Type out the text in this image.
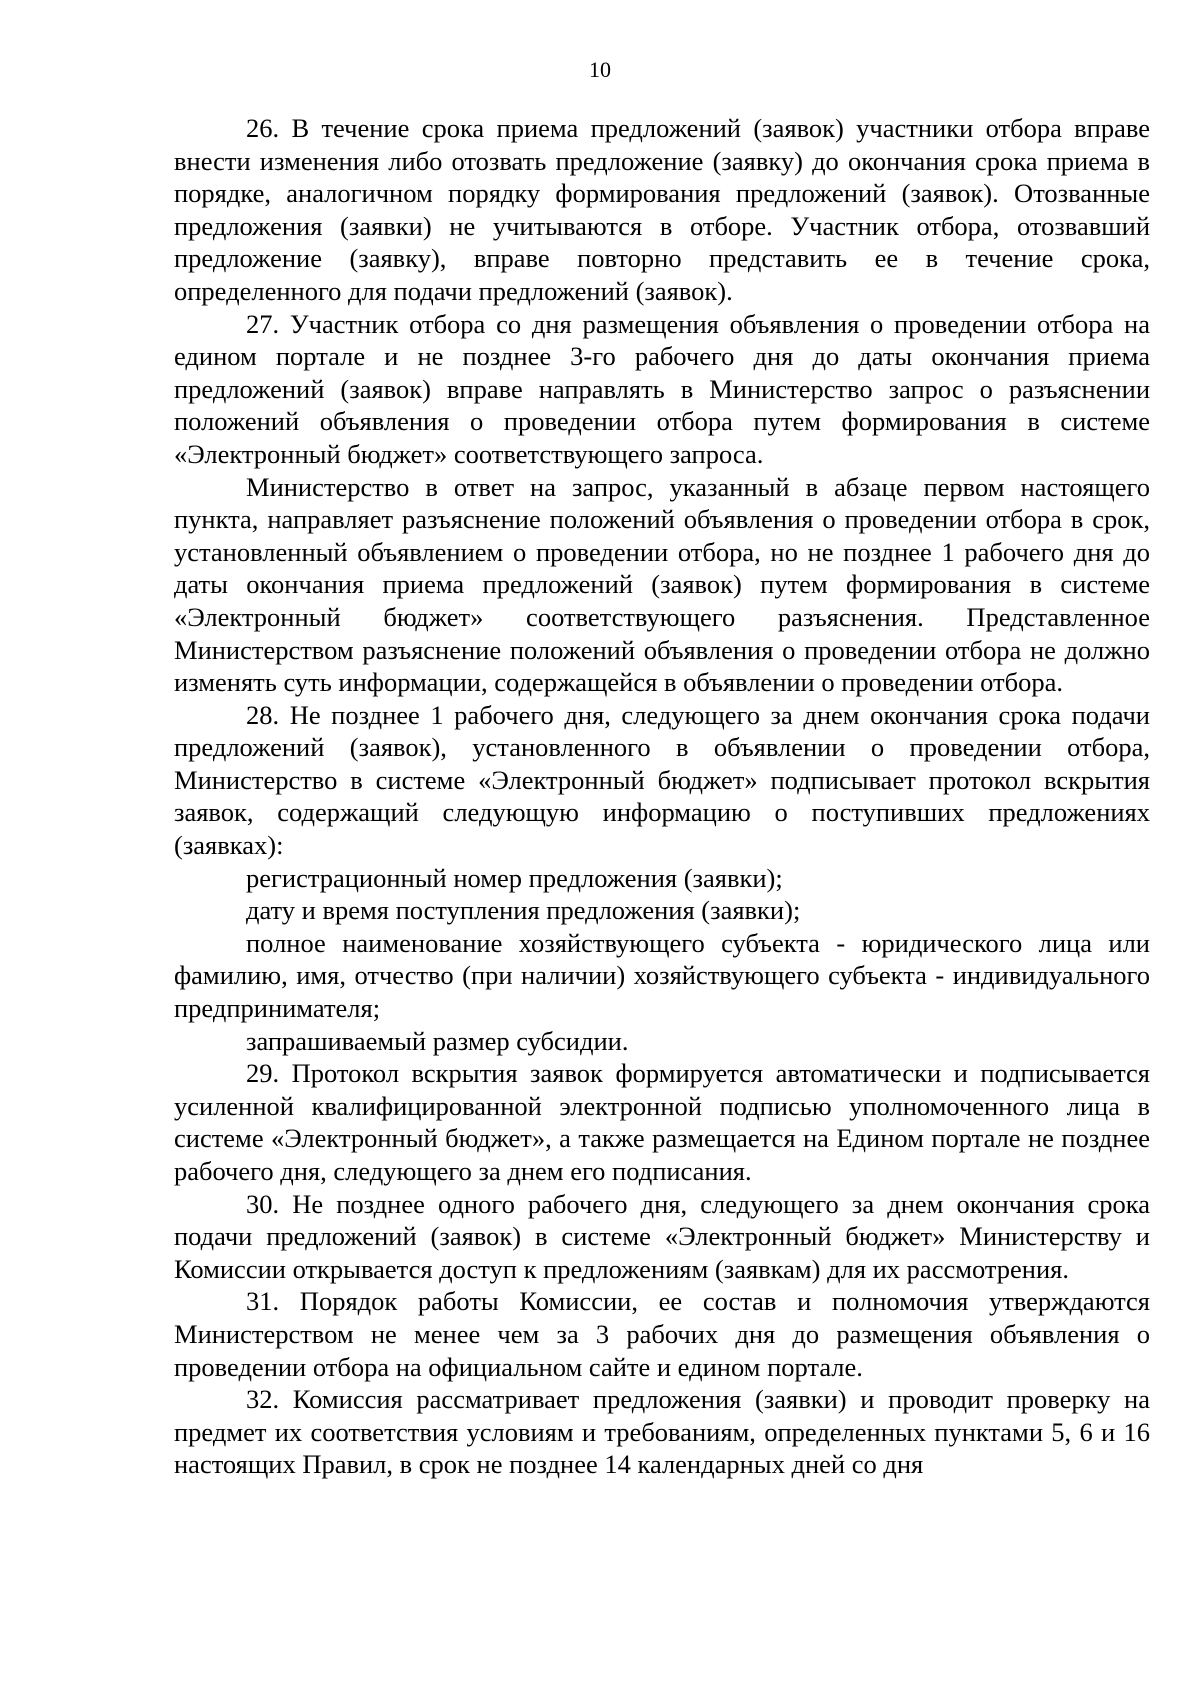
10

26. В течение срока приема предложений (заявок) участники отбора вправе внести изменения либо отозвать предложение (заявку) до окончания срока приема в порядке, аналогичном порядку формирования предложений (заявок). Отозванные предложения (заявки) не учитываются в отборе. Участник отбора, отозвавший предложение (заявку), вправе повторно представить ее в течение срока, определенного для подачи предложений (заявок).

27. Участник отбора со дня размещения объявления о проведении отбора на едином портале и не позднее 3-го рабочего дня до даты окончания приема предложений (заявок) вправе направлять в Министерство запрос о разъяснении положений объявления о проведении отбора путем формирования в системе «Электронный бюджет» соответствующего запроса.

Министерство в ответ на запрос, указанный в абзаце первом настоящего пункта, направляет разъяснение положений объявления о проведении отбора в срок, установленный объявлением о проведении отбора, но не позднее 1 рабочего дня до даты окончания приема предложений (заявок) путем формирования в системе «Электронный бюджет» соответствующего разъяснения. Представленное Министерством разъяснение положений объявления о проведении отбора не должно изменять суть информации, содержащейся в объявлении о проведении отбора.

28. Не позднее 1 рабочего дня, следующего за днем окончания срока подачи предложений (заявок), установленного в объявлении о проведении отбора, Министерство в системе «Электронный бюджет» подписывает протокол вскрытия заявок, содержащий следующую информацию о поступивших предложениях (заявках):

регистрационный номер предложения (заявки);

дату и время поступления предложения (заявки);

полное наименование хозяйствующего субъекта - юридического лица или фамилию, имя, отчество (при наличии) хозяйствующего субъекта - индивидуального предпринимателя;

запрашиваемый размер субсидии.

29. Протокол вскрытия заявок формируется автоматически и подписывается усиленной квалифицированной электронной подписью уполномоченного лица в системе «Электронный бюджет», а также размещается на Едином портале не позднее рабочего дня, следующего за днем его подписания.

30. Не позднее одного рабочего дня, следующего за днем окончания срока подачи предложений (заявок) в системе «Электронный бюджет» Министерству и Комиссии открывается доступ к предложениям (заявкам) для их рассмотрения.

31. Порядок работы Комиссии, ее состав и полномочия утверждаются Министерством не менее чем за 3 рабочих дня до размещения объявления о проведении отбора на официальном сайте и едином портале.

32. Комиссия рассматривает предложения (заявки) и проводит проверку на предмет их соответствия условиям и требованиям, определенных пунктами 5, 6 и 16 настоящих Правил, в срок не позднее 14 календарных дней со дня
